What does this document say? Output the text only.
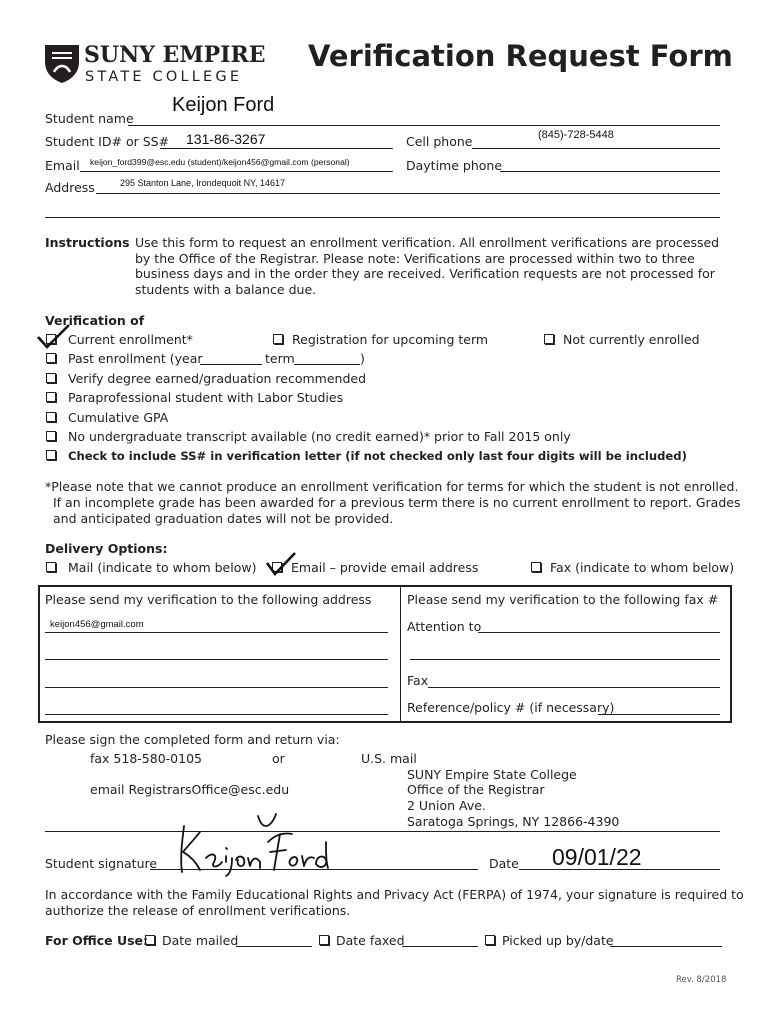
SUNY EMPIRE
STATE COLLEGE
Verification Request Form
Student name
Keijon Ford
Student ID# or SS# 131-86-3267	Cell phone	(845)-728-5448
Email keijon_ford399@esc.edu (student)/keijon456@gmail.com (personal)	Daytime phone
Address	295 Stanton Lane, Irondequoit NY, 14617
Instructions Use this form to request an enrollment verification. All enrollment verifications are processed by the Office of the Registrar. Please note: Verifications are processed within two to three business days and in the order they are received. Verification requests are not processed for students with a balance due.
Verification of
Current enrollment*	Registration for upcoming term	Not currently enrolled
Past enrollment (year	term	)
Verify degree earned/graduation recommended
Paraprofessional student with Labor Studies
Cumulative GPA
No undergraduate transcript available (no credit earned)* prior to Fall 2015 only
Check to include SS# in verification letter (if not checked only last four digits will be included)
*Please note that we cannot produce an enrollment verification for terms for which the student is not enrolled.
If an incomplete grade has been awarded for a previous term there is no current enrollment to report. Grades
and anticipated graduation dates will not be provided.
Delivery Options:
Mail (indicate to whom below)	Email – provide email address	Fax (indicate to whom below)
Please send my verification to the following address
keijon456@gmail.com
Please send my verification to the following fax #
Attention to
Fax
Reference/policy # (if necessary)
Please sign the completed form and return via:
fax 518-580-0105	or	U.S. mail
SUNY Empire State College
email RegistrarsOffice@esc.edu	Office of the Registrar
2 Union Ave.
Saratoga Springs, NY 12866-4390
Student signature	Date 09/01/22
In accordance with the Family Educational Rights and Privacy Act (FERPA) of 1974, your signature is required to
authorize the release of enrollment verifications.
For Office Use: Date mailed	Date faxed	Picked up by/date
Rev. 8/2018
